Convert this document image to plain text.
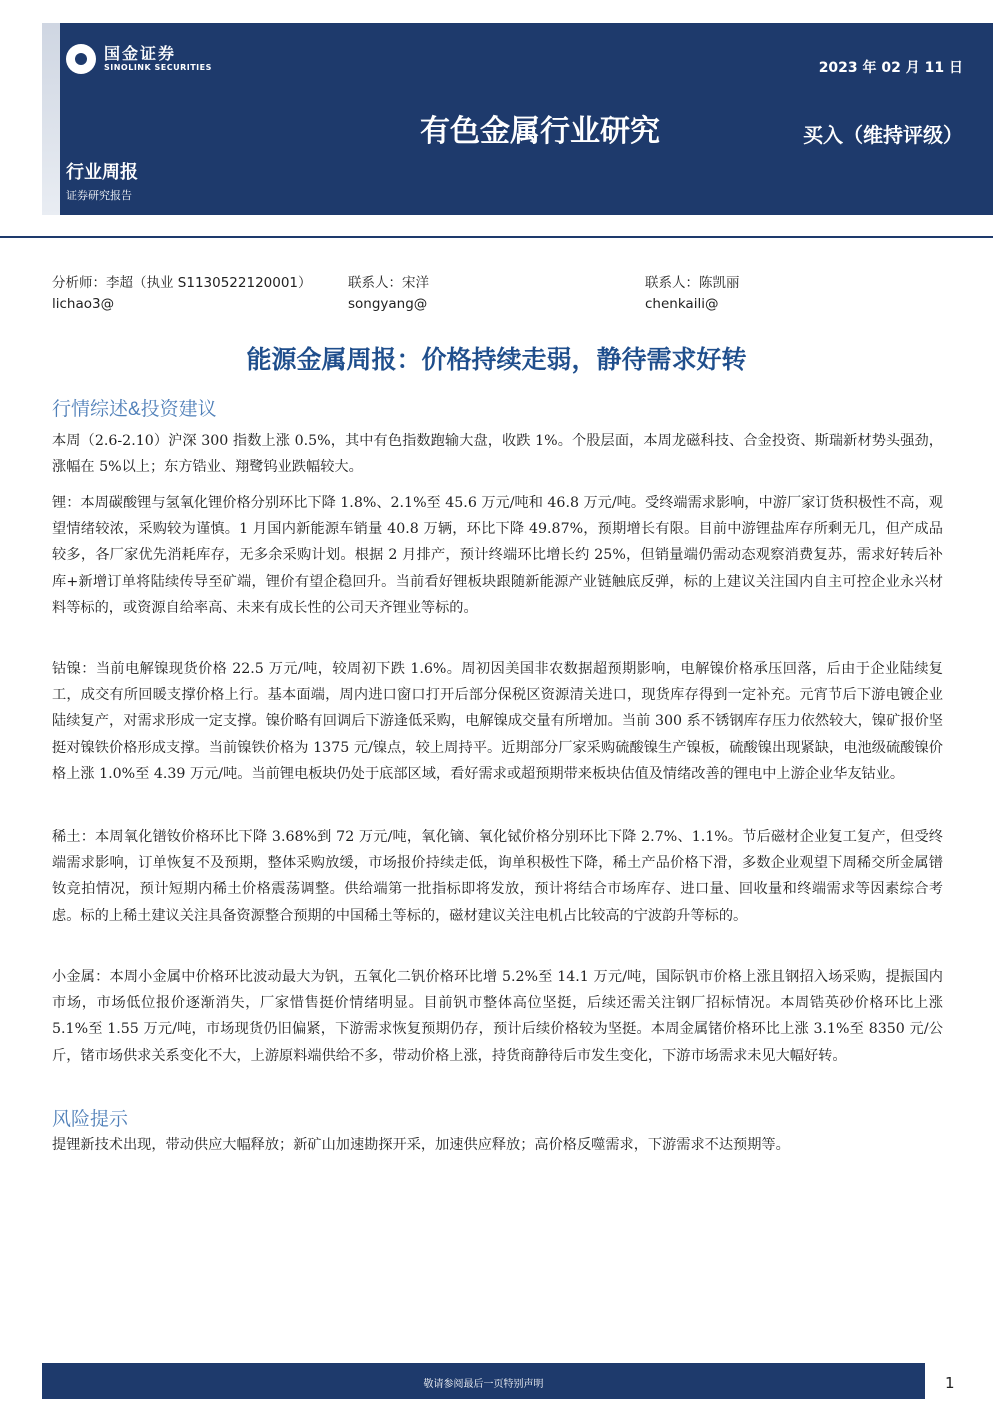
国金证券
SINOLINK SECURITIES	2023 年 02 月 11 日
有色金属行业研究	买入（维持评级）
行业周报
证券研究报告
分析师：李超（执业 S1130522120001）
lichao3@
联系人：宋洋
songyang@
联系人：陈凯丽
chenkaili@
能源金属周报：价格持续走弱，静待需求好转
行情综述&投资建议

本周（2.6-2.10）沪深 300 指数上涨 0.5%，其中有色指数跑输大盘，收跌 1%。个股层面，本周龙磁科技、合金投资、斯瑞新材势头强劲，涨幅在 5%以上；东方锆业、翔鹭钨业跌幅较大。

锂：本周碳酸锂与氢氧化锂价格分别环比下降 1.8%、2.1%至 45.6 万元/吨和 46.8 万元/吨。受终端需求影响，中游厂家订货积极性不高，观望情绪较浓，采购较为谨慎。1 月国内新能源车销量 40.8 万辆，环比下降 49.87%，预期增长有限。目前中游锂盐库存所剩无几，但产成品较多，各厂家优先消耗库存，无多余采购计划。根据 2 月排产，预计终端环比增长约 25%，但销量端仍需动态观察消费复苏，需求好转后补库+新增订单将陆续传导至矿端，锂价有望企稳回升。当前看好锂板块跟随新能源产业链触底反弹，标的上建议关注国内自主可控企业永兴材料等标的，或资源自给率高、未来有成长性的公司天齐锂业等标的。

钴镍：当前电解镍现货价格 22.5 万元/吨，较周初下跌 1.6%。周初因美国非农数据超预期影响，电解镍价格承压回落，后由于企业陆续复工，成交有所回暖支撑价格上行。基本面端，周内进口窗口打开后部分保税区资源清关进口，现货库存得到一定补充。元宵节后下游电镀企业陆续复产，对需求形成一定支撑。镍价略有回调后下游逢低采购，电解镍成交量有所增加。当前 300 系不锈钢库存压力依然较大，镍矿报价坚挺对镍铁价格形成支撑。当前镍铁价格为 1375 元/镍点，较上周持平。近期部分厂家采购硫酸镍生产镍板，硫酸镍出现紧缺，电池级硫酸镍价格上涨 1.0%至 4.39 万元/吨。当前锂电板块仍处于底部区域，看好需求或超预期带来板块估值及情绪改善的锂电中上游企业华友钴业。

稀土：本周氧化镨钕价格环比下降 3.68%到 72 万元/吨，氧化镝、氧化铽价格分别环比下降 2.7%、1.1%。节后磁材企业复工复产，但受终端需求影响，订单恢复不及预期，整体采购放缓，市场报价持续走低，询单积极性下降，稀土产品价格下滑，多数企业观望下周稀交所金属镨钕竞拍情况，预计短期内稀土价格震荡调整。供给端第一批指标即将发放，预计将结合市场库存、进口量、回收量和终端需求等因素综合考虑。标的上稀土建议关注具备资源整合预期的中国稀土等标的，磁材建议关注电机占比较高的宁波韵升等标的。

小金属：本周小金属中价格环比波动最大为钒，五氧化二钒价格环比增 5.2%至 14.1 万元/吨，国际钒市价格上涨且钢招入场采购，提振国内市场，市场低位报价逐渐消失，厂家惜售挺价情绪明显。目前钒市整体高位坚挺，后续还需关注钢厂招标情况。本周锆英砂价格环比上涨 5.1%至 1.55 万元/吨，市场现货仍旧偏紧，下游需求恢复预期仍存，预计后续价格较为坚挺。本周金属锗价格环比上涨 3.1%至 8350 元/公斤，锗市场供求关系变化不大，上游原料端供给不多，带动价格上涨，持货商静待后市发生变化，下游市场需求未见大幅好转。

风险提示

提锂新技术出现，带动供应大幅释放；新矿山加速勘探开采，加速供应释放；高价格反噬需求，下游需求不达预期等。

敬请参阅最后一页特别声明	1
